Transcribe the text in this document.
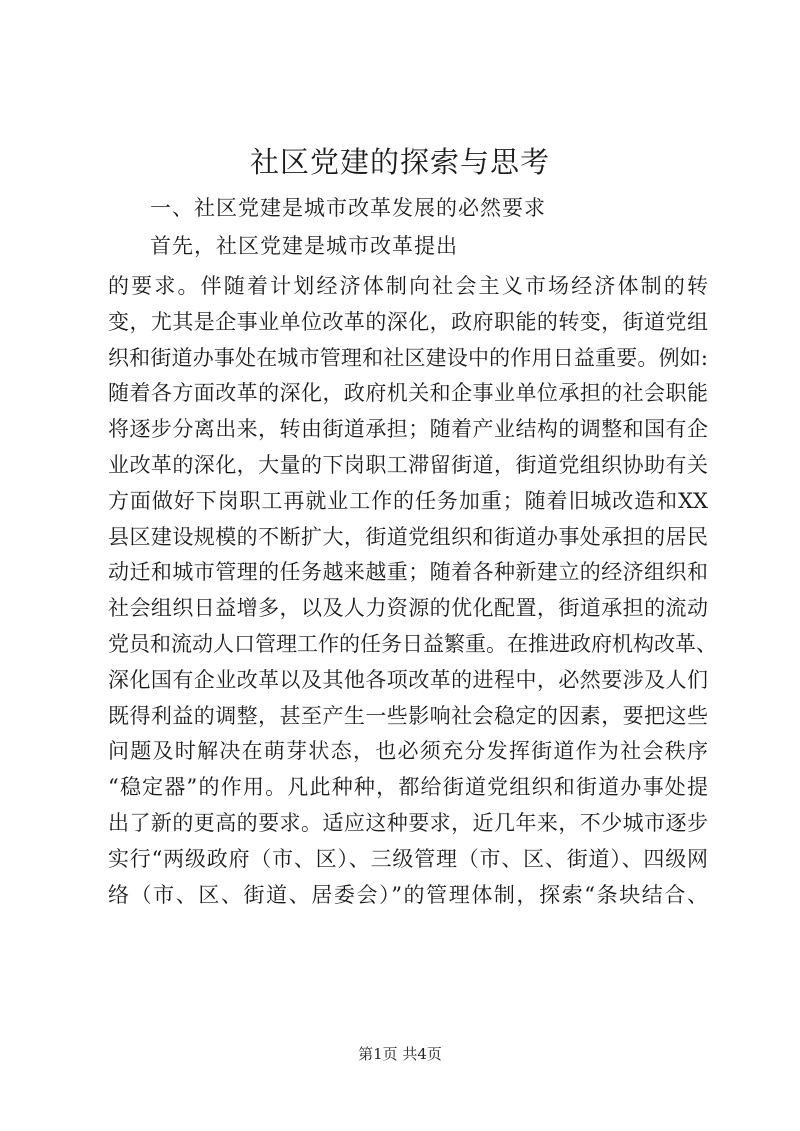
社区党建的探索与思考
一、社区党建是城市改革发展的必然要求
首先，社区党建是城市改革提出
的要求。伴随着计划经济体制向社会主义市场经济体制的转
变，尤其是企事业单位改革的深化，政府职能的转变，街道党组
织和街道办事处在城市管理和社区建设中的作用日益重要。例如:
随着各方面改革的深化，政府机关和企事业单位承担的社会职能
将逐步分离出来，转由街道承担；随着产业结构的调整和国有企
业改革的深化，大量的下岗职工滞留街道，街道党组织协助有关
方面做好下岗职工再就业工作的任务加重；随着旧城改造和XX
县区建设规模的不断扩大，街道党组织和街道办事处承担的居民
动迁和城市管理的任务越来越重；随着各种新建立的经济组织和
社会组织日益增多，以及人力资源的优化配置，街道承担的流动
党员和流动人口管理工作的任务日益繁重。在推进政府机构改革、
深化国有企业改革以及其他各项改革的进程中，必然要涉及人们
既得利益的调整，甚至产生一些影响社会稳定的因素，要把这些
问题及时解决在萌芽状态，也必须充分发挥街道作为社会秩序
“稳定器”的作用。凡此种种，都给街道党组织和街道办事处提
出了新的更高的要求。适应这种要求，近几年来，不少城市逐步
实行“两级政府（市、区）、三级管理（市、区、街道）、四级网
络（市、区、街道、居委会）”的管理体制，探索“条块结合、
第1页 共4页
